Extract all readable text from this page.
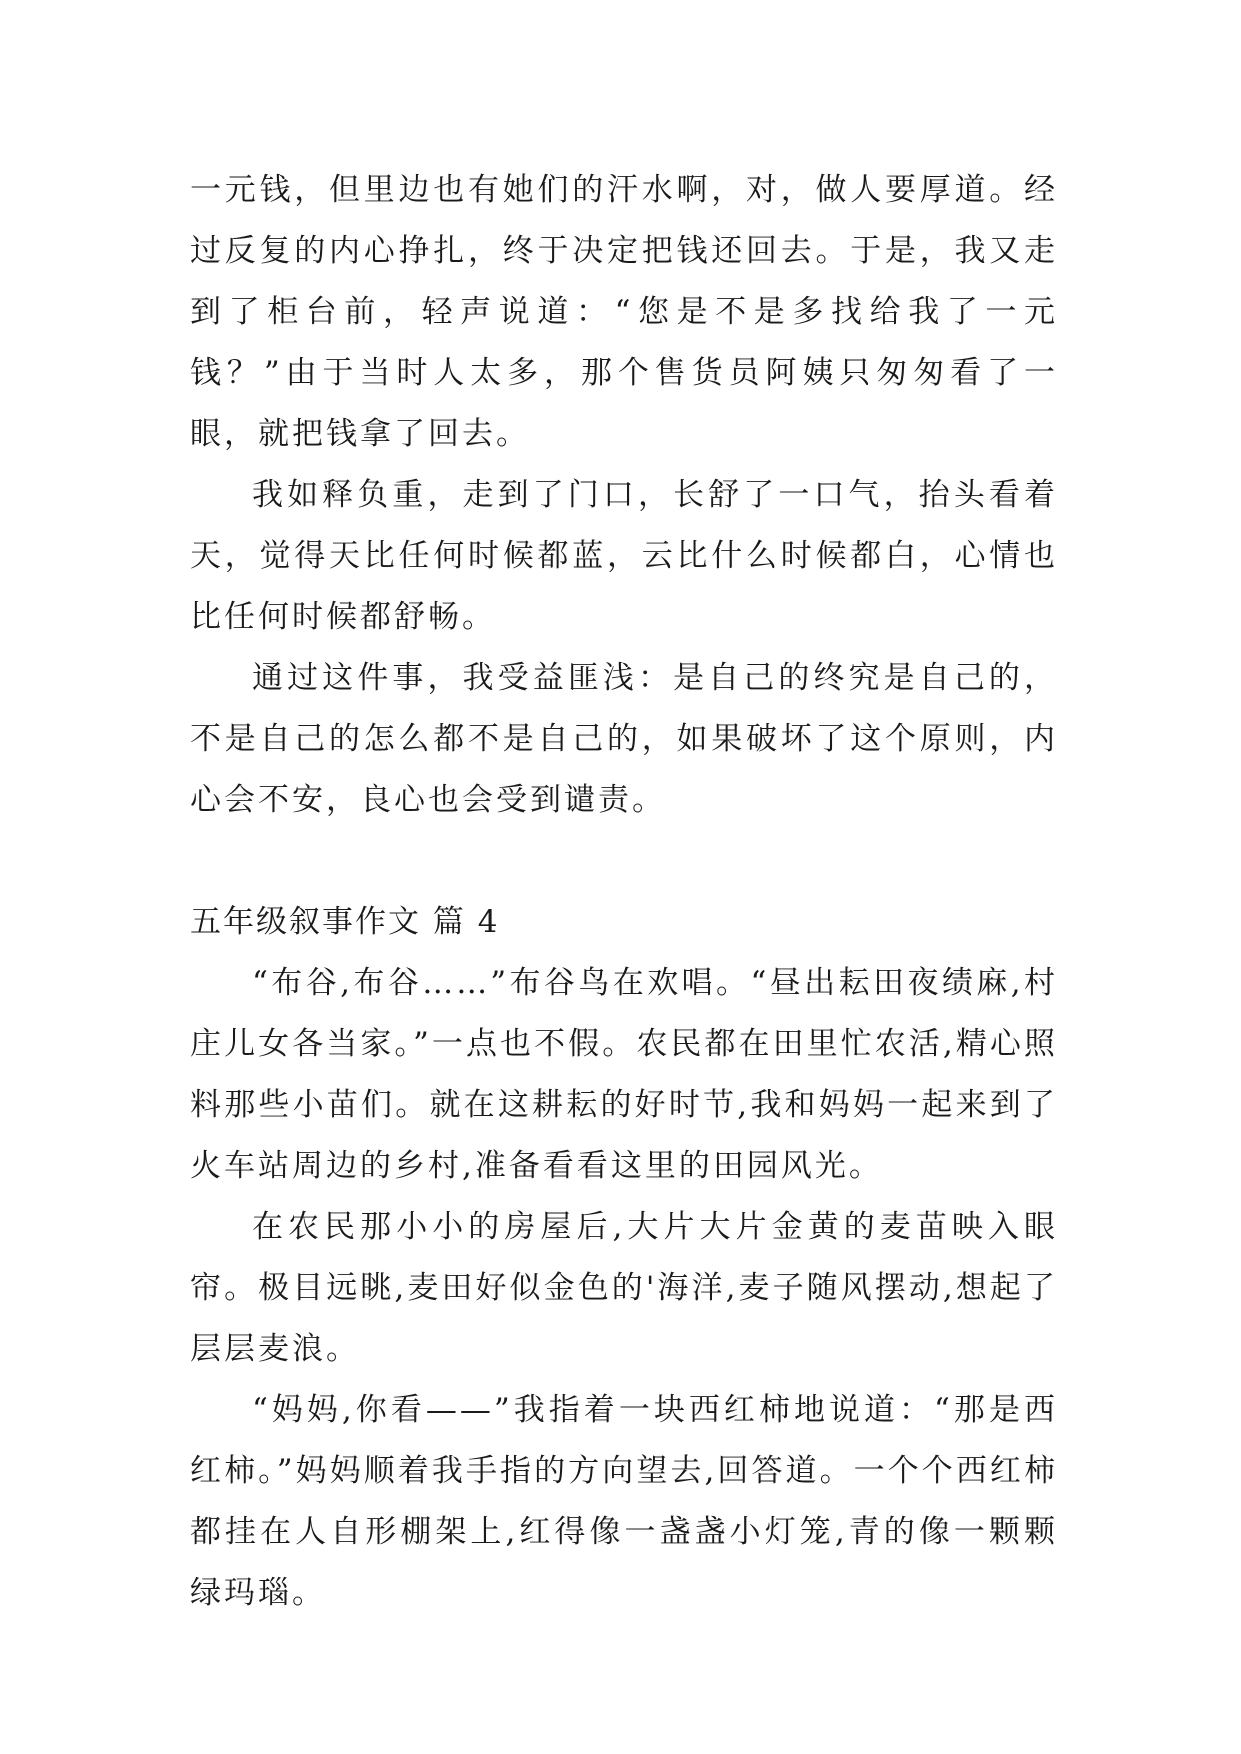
一元钱，但里边也有她们的汗水啊，对，做人要厚道。经过反复的内心挣扎，终于决定把钱还回去。于是，我又走到了柜台前，轻声说道：“您是不是多找给我了一元钱？”由于当时人太多，那个售货员阿姨只匆匆看了一眼，就把钱拿了回去。

我如释负重，走到了门口，长舒了一口气，抬头看着天，觉得天比任何时候都蓝，云比什么时候都白，心情也比任何时候都舒畅。

通过这件事，我受益匪浅：是自己的终究是自己的，不是自己的怎么都不是自己的，如果破坏了这个原则，内心会不安，良心也会受到谴责。

五年级叙事作文 篇 4

“布谷,布谷……”布谷鸟在欢唱。“昼出耘田夜绩麻,村庄儿女各当家。”一点也不假。农民都在田里忙农活,精心照料那些小苗们。就在这耕耘的好时节,我和妈妈一起来到了火车站周边的乡村,准备看看这里的田园风光。

在农民那小小的房屋后,大片大片金黄的麦苗映入眼帘。极目远眺,麦田好似金色的'海洋,麦子随风摆动,想起了层层麦浪。

“妈妈,你看——”我指着一块西红柿地说道：“那是西红柿。”妈妈顺着我手指的方向望去,回答道。一个个西红柿都挂在人自形棚架上,红得像一盏盏小灯笼,青的像一颗颗绿玛瑙。
